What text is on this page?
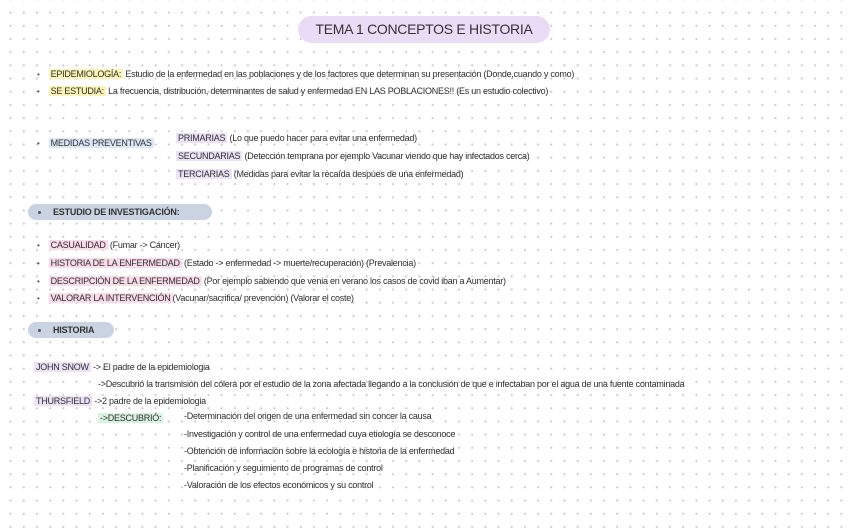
TEMA 1 CONCEPTOS E HISTORIA
• EPIDEMIOLOGÍA: Estudio de la enfermedad en las poblaciones y de los factores que determinan su presentación (Donde,cuando y como)
• SE ESTUDIA: La frecuencia, distribución, determinantes de salud y enfermedad EN LAS POBLACIONES!! (Es un estudio colectivo)
• MEDIDAS PREVENTIVAS	PRIMARIAS (Lo que puedo hacer para evitar una enfermedad)
SECUNDARIAS (Detección temprana por ejemplo Vacunar viendo que hay infectados cerca)
TERCIARIAS (Medidas para evitar la recaída despúes de una enfermedad)
ESTUDIO DE INVESTIGACIÓN:
• CASUALIDAD (Fumar -> Cáncer)
• HISTORIA DE LA ENFERMEDAD (Estado -> enfermedad -> muerte/recuperación) (Prevalencia)
• DESCRIPCIÓN DE LA ENFERMEDAD (Por ejemplo sabiendo que venia en verano los casos de covid iban a Aumentar)
• VALORAR LA INTERVENCIÓN (Vacunar/sacrifica/ prevención) (Valorar el coste)
HISTORIA
JOHN SNOW -> El padre de la epidemiologia
->Descubrió la transmisión del cólera por el estudio de la zona afectada llegando a la conclusión de que e infectaban por el agua de una fuente contaminada
THURSFIELD ->2 padre de la epidemiologia
->DESCUBRIÓ:	-Determinación del origen de una enfermedad sin concer la causa
-Investigación y control de una enfermedad cuya etiología se desconoce
-Obtención de información sobre la ecología e historia de la enfermedad
-Planificación y seguimiento de programas de control
-Valoración de los efectos económicos y su control
